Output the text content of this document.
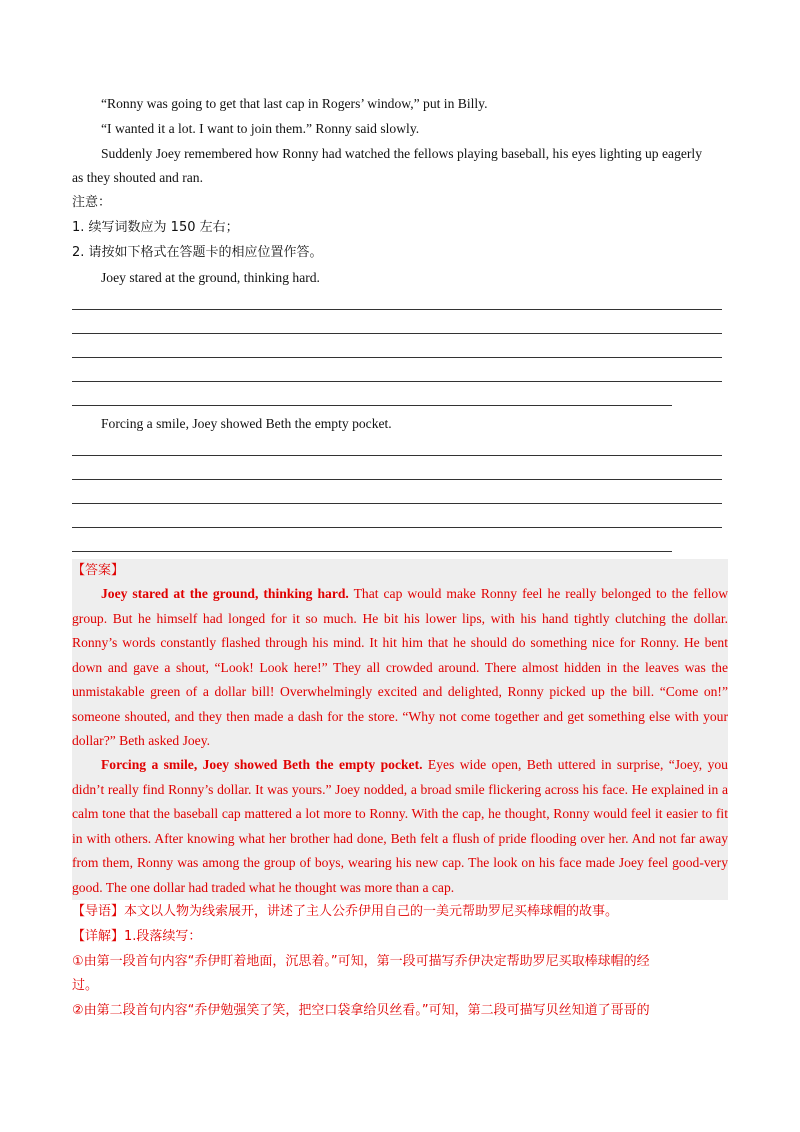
“Ronny was going to get that last cap in Rogers’ window,” put in Billy.
“I wanted it a lot. I want to join them.” Ronny said slowly.
Suddenly Joey remembered how Ronny had watched the fellows playing baseball, his eyes lighting up eagerly
as they shouted and ran.
注意：
1. 续写词数应为 150 左右；
2. 请按如下格式在答题卡的相应位置作答。
Joey stared at the ground, thinking hard.
Forcing a smile, Joey showed Beth the empty pocket.
【答案】
Joey stared at the ground, thinking hard. That cap would make Ronny feel he really belonged to the fellow group. But he himself had longed for it so much. He bit his lower lips, with his hand tightly clutching the dollar. Ronny’s words constantly flashed through his mind. It hit him that he should do something nice for Ronny. He bent down and gave a shout, “Look! Look here!” They all crowded around. There almost hidden in the leaves was the unmistakable green of a dollar bill! Overwhelmingly excited and delighted, Ronny picked up the bill. “Come on!” someone shouted, and they then made a dash for the store. “Why not come together and get something else with your dollar?” Beth asked Joey.
Forcing a smile, Joey showed Beth the empty pocket. Eyes wide open, Beth uttered in surprise, “Joey, you didn’t really find Ronny’s dollar. It was yours.” Joey nodded, a broad smile flickering across his face. He explained in a calm tone that the baseball cap mattered a lot more to Ronny. With the cap, he thought, Ronny would feel it easier to fit in with others. After knowing what her brother had done, Beth felt a flush of pride flooding over her. And not far away from them, Ronny was among the group of boys, wearing his new cap. The look on his face made Joey feel good-very good. The one dollar had traded what he thought was more than a cap.
【导语】本文以人物为线索展开，讲述了主人公乔伊用自己的一美元帮助罗尼买棒球帽的故事。
【详解】1.段落续写：
①由第一段首句内容“乔伊盯着地面，沉思着。”可知，第一段可描写乔伊决定帮助罗尼买取棒球帽的经
过。
②由第二段首句内容“乔伊勉强笑了笑，把空口袋拿给贝丝看。”可知，第二段可描写贝丝知道了哥哥的
